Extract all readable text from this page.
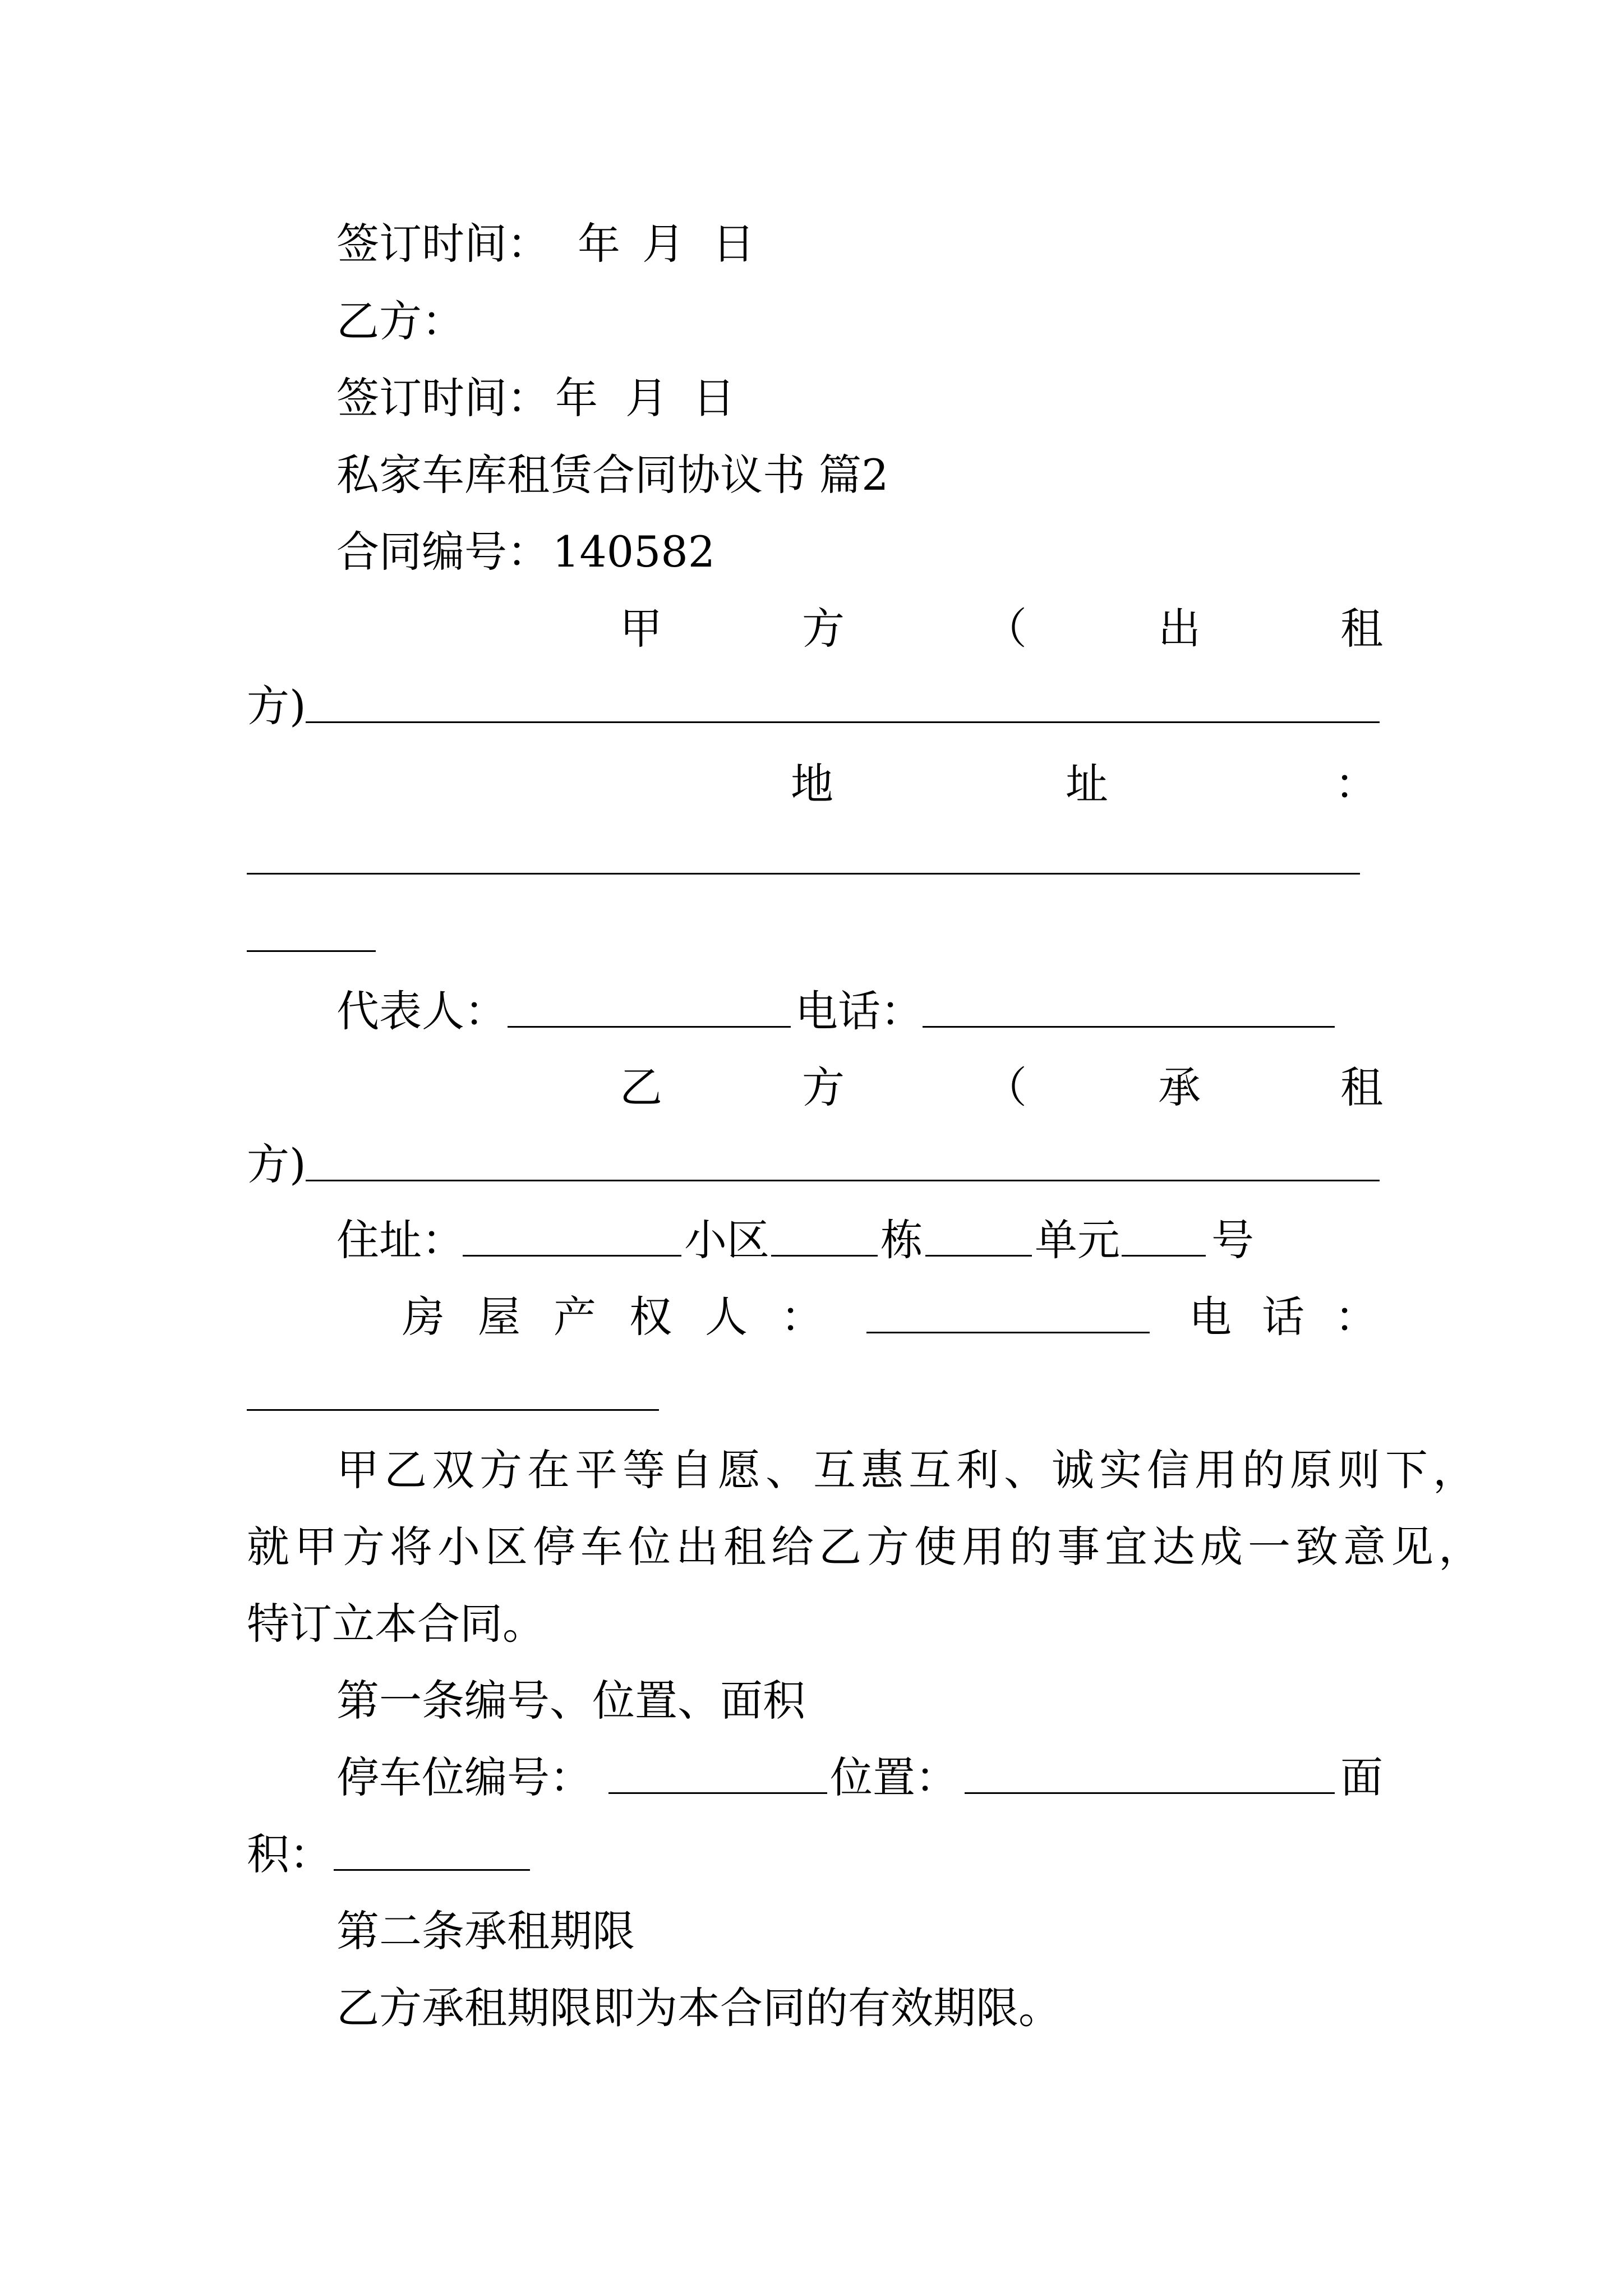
签订时间： 年 月 日
乙方：
签订时间： 年 月 日
私家车库租赁合同协议书 篇2
合同编号： 140582
甲	方	（	出	租
方)
地	址	：
代表人：	电话：
乙	方	（	承	租
方)
住址：	小区	栋	单元 号
房 屋 产 权 人 ：	电 话 ：
甲乙双方在平等自愿、互惠互利、诚实信用的原则下，
就甲方将小区停车位出租给乙方使用的事宜达成一致意见，
特订立本合同。
第一条编号、位置、面积
停车位编号：	位置：	面
积：
第二条承租期限
乙方承租期限即为本合同的有效期限。
